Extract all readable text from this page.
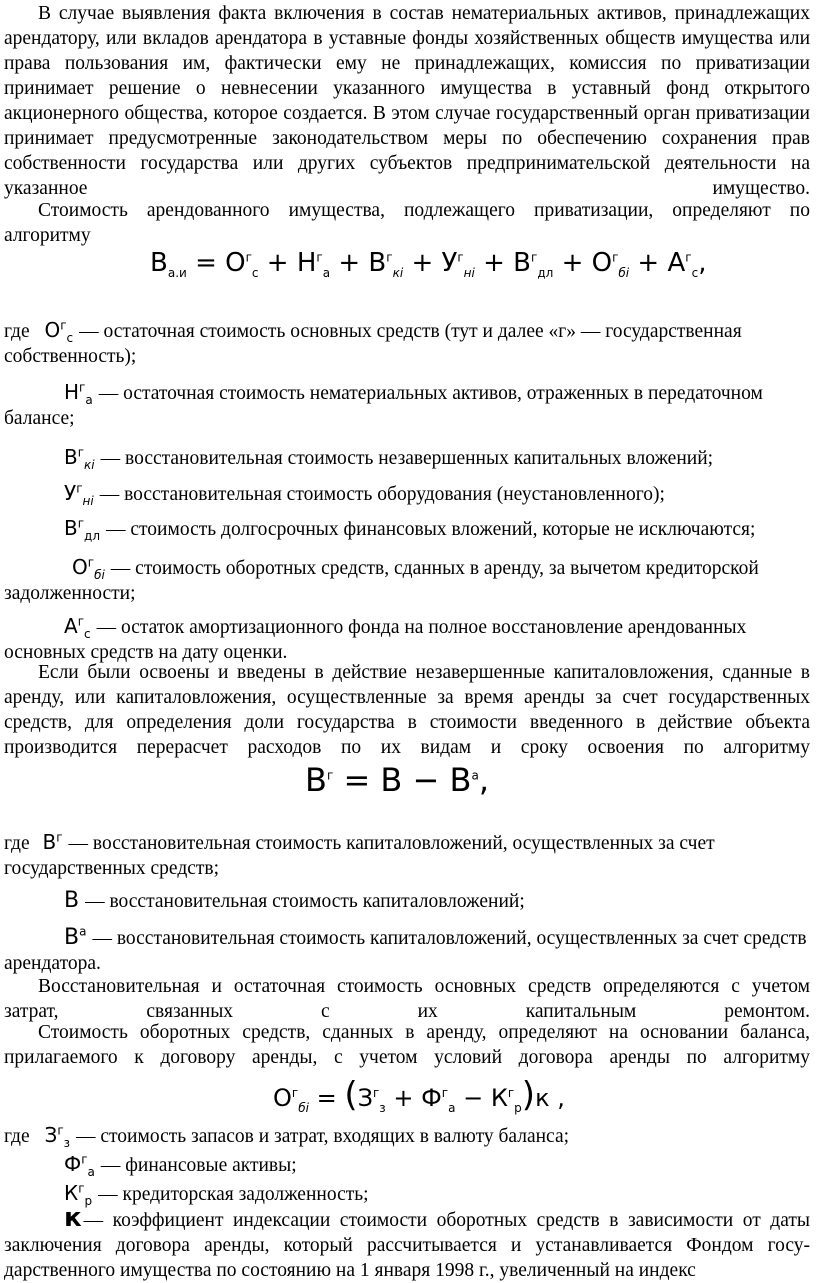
В случае выявления факта включения в состав нематериальных активов, принадлежащих арендатору, или вкладов арендатора в уставные фонды хозяйственных обществ имущества или права пользования им, фактически ему не принадлежащих, комиссия по приватизации принимает решение о невнесении указанного имущества в уставный фонд открытого акционерного общества, которое создается. В этом случае государственный орган приватизации принимает предусмотренные законодательством меры по обеспечению сохранения прав собственности государства или других субъектов предпринимательской деятельности на указанное имущество.

Стоимость арендованного имущества, подлежащего приватизации, определяют по алгоритму

$В_{а.и} = О^г_с + Н^г_а + В^г_{кi} + У^г_{нi} + В^г_{дл} + О^г_{бi} + А^г_с$,

где $О^г_с$ — остаточная стоимость основных средств (тут и далее «г» — государственная собственность);

$Н^г_а$ — остаточная стоимость нематериальных активов, отраженных в передаточном балансе;

$В^г_{кi}$ — восстановительная стоимость незавершенных капитальных вложений;

$У^г_{нi}$ — восстановительная стоимость оборудования (неустановленного);

$В^г_{дл}$ — стоимость долгосрочных финансовых вложений, которые не исключаются;

$О^г_{бi}$ — стоимость оборотных средств, сданных в аренду, за вычетом кредиторской задолженности;

$А^г_с$ — остаток амортизационного фонда на полное восстановление арендованных основных средств на дату оценки.

Если были освоены и введены в действие незавершенные капиталовложения, сданные в аренду, или капиталовложения, осуществленные за время аренды за счет государственных средств, для определения доли государства в стоимости введенного в действие объекта производится перерасчет расходов по их видам и сроку освоения по алгоритму

$В^г = В - В^а$,

где $В^г$ — восстановительная стоимость капиталовложений, осуществленных за счет государственных средств;

В — восстановительная стоимость капиталовложений;

$В^а$ — восстановительная стоимость капиталовложений, осуществленных за счет средств арендатора.

Восстановительная и остаточная стоимость основных средств определяются с учетом затрат, связанных с их капитальным ремонтом.

Стоимость оборотных средств, сданных в аренду, определяют на основании баланса, прилагаемого к договору аренды, с учетом условий договора аренды по алгоритму

$О^г_{бi} = (З^г_з + Ф^г_а - К^г_р)к$ ,

где $З^г_з$ — стоимость запасов и затрат, входящих в валюту баланса;

$Ф^г_а$ — финансовые активы;

$К^г_р$ — кредиторская задолженность;

к — коэффициент индексации стоимости оборотных средств в зависимости от даты заключения договора аренды, который рассчитывается и устанавливается Фондом госу-дарственного имущества по состоянию на 1 января 1998 г., увеличенный на индекс
